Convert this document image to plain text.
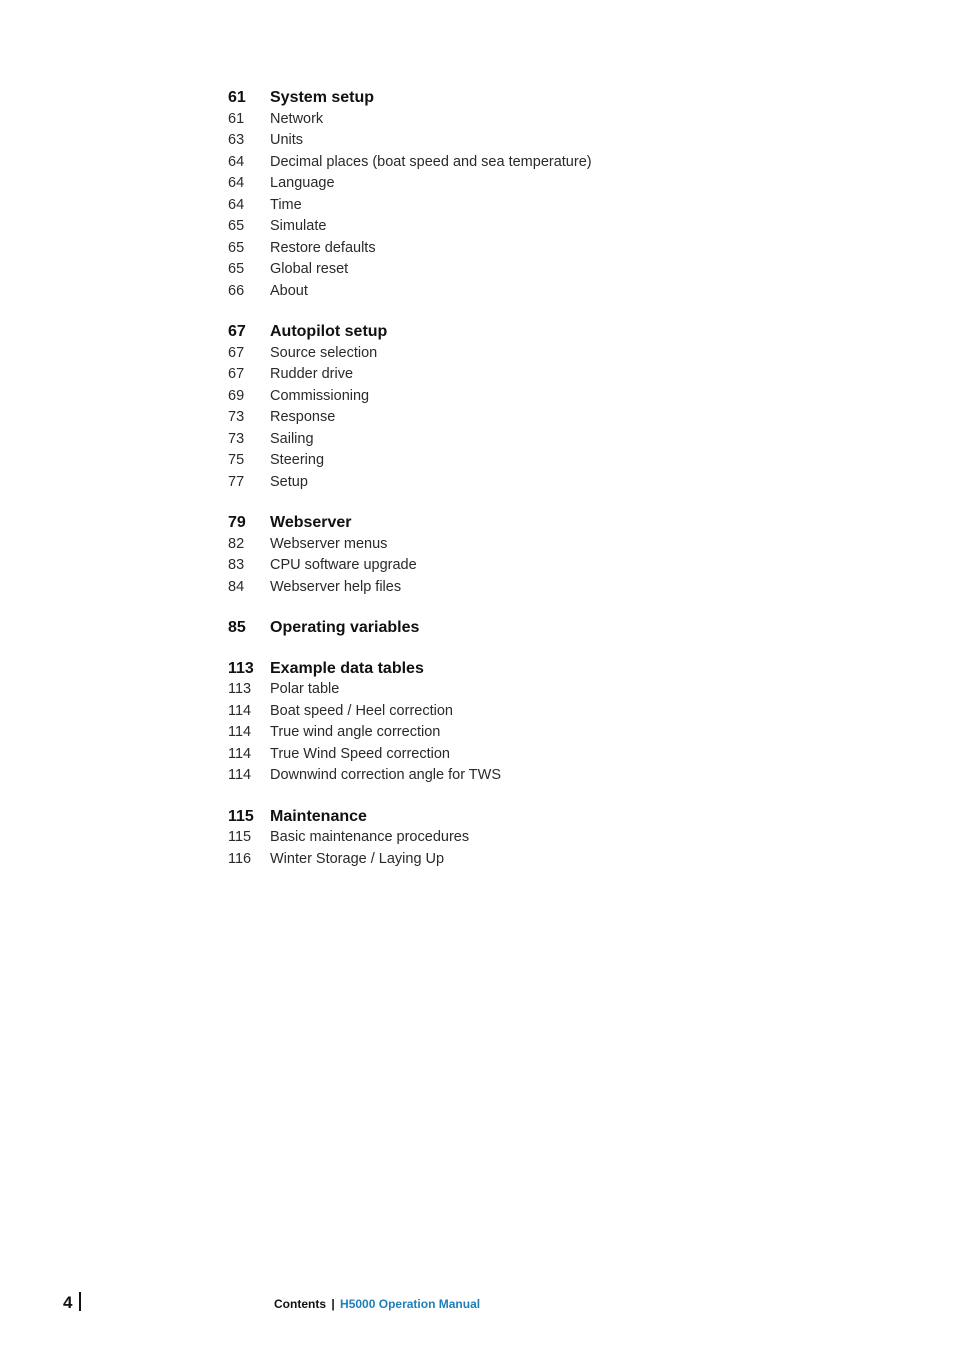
61	System setup
61	Network
63	Units
64	Decimal places (boat speed and sea temperature)
64	Language
64	Time
65	Simulate
65	Restore defaults
65	Global reset
66	About
67	Autopilot setup
67	Source selection
67	Rudder drive
69	Commissioning
73	Response
73	Sailing
75	Steering
77	Setup
79	Webserver
82	Webserver menus
83	CPU software upgrade
84	Webserver help files
85	Operating variables
113	Example data tables
113	Polar table
114	Boat speed / Heel correction
114	True wind angle correction
114	True Wind Speed correction
114	Downwind correction angle for TWS
115	Maintenance
115	Basic maintenance procedures
116	Winter Storage / Laying Up
4	Contents | H5000 Operation Manual
